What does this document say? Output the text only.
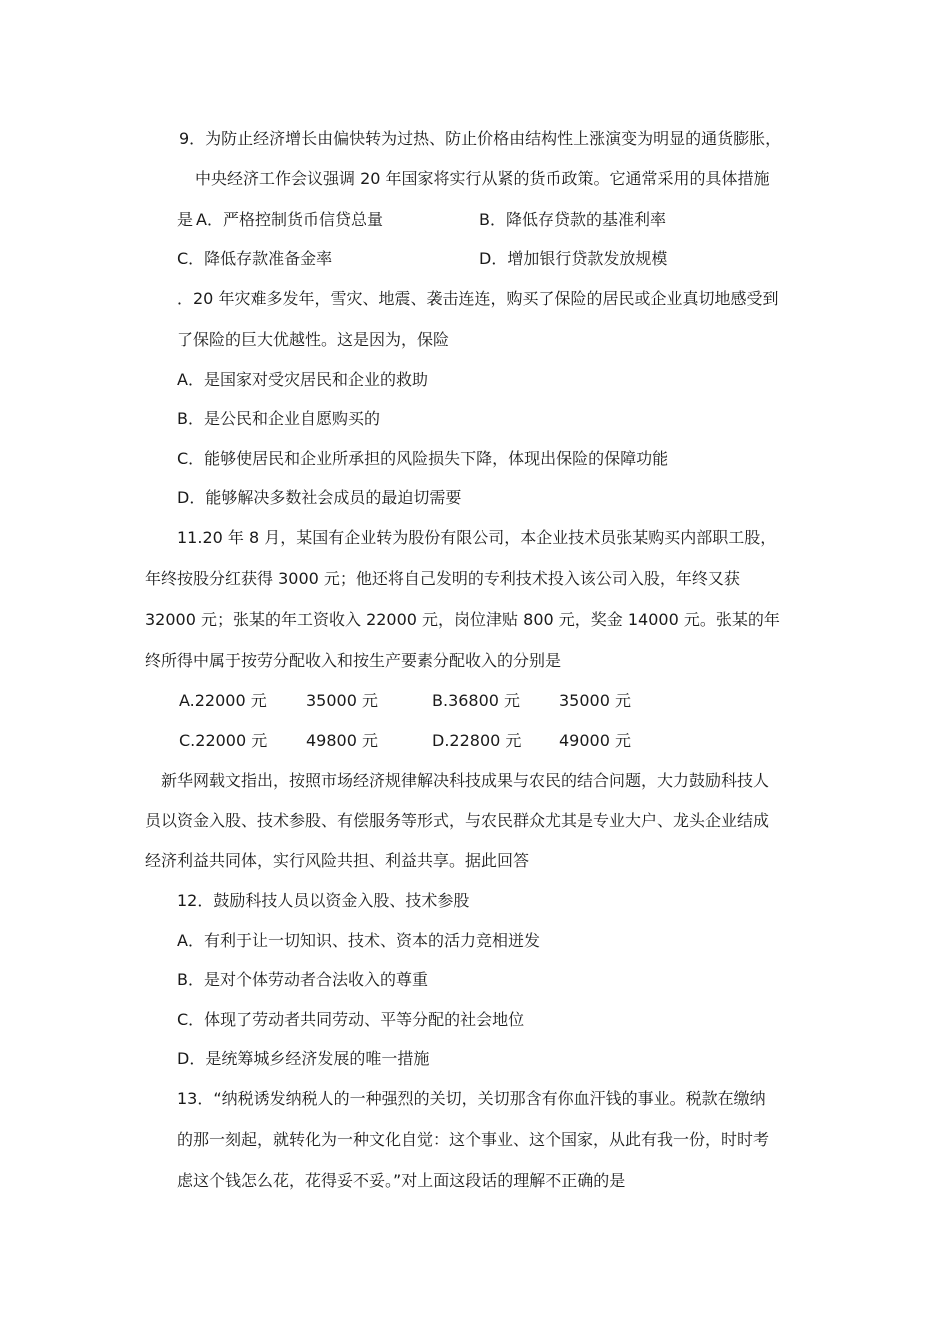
9．为防止经济增长由偏快转为过热、防止价格由结构性上涨演变为明显的通货膨胀，
中央经济工作会议强调 20 年国家将实行从紧的货币政策。它通常采用的具体措施
是 A．严格控制货币信贷总量	B．降低存贷款的基准利率
C．降低存款准备金率	D．增加银行贷款发放规模
．20 年灾难多发年，雪灾、地震、袭击连连，购买了保险的居民或企业真切地感受到
了保险的巨大优越性。这是因为，保险
A．是国家对受灾居民和企业的救助
B．是公民和企业自愿购买的
C．能够使居民和企业所承担的风险损失下降，体现出保险的保障功能
D．能够解决多数社会成员的最迫切需要
11.20 年 8 月，某国有企业转为股份有限公司，本企业技术员张某购买内部职工股，
年终按股分红获得 3000 元；他还将自己发明的专利技术投入该公司入股，年终又获
32000 元；张某的年工资收入 22000 元，岗位津贴 800 元，奖金 14000 元。张某的年
终所得中属于按劳分配收入和按生产要素分配收入的分别是
A.22000 元 35000 元	B.36800 元 35000 元
C.22000 元 49800 元	D.22800 元 49000 元
新华网载文指出，按照市场经济规律解决科技成果与农民的结合问题，大力鼓励科技人
员以资金入股、技术参股、有偿服务等形式，与农民群众尤其是专业大户、龙头企业结成
经济利益共同体，实行风险共担、利益共享。据此回答
12．鼓励科技人员以资金入股、技术参股
A．有利于让一切知识、技术、资本的活力竞相迸发
B．是对个体劳动者合法收入的尊重
C．体现了劳动者共同劳动、平等分配的社会地位
D．是统筹城乡经济发展的唯一措施
13．“纳税诱发纳税人的一种强烈的关切，关切那含有你血汗钱的事业。税款在缴纳
的那一刻起，就转化为一种文化自觉：这个事业、这个国家，从此有我一份，时时考
虑这个钱怎么花，花得妥不妥。”对上面这段话的理解不正确的是
